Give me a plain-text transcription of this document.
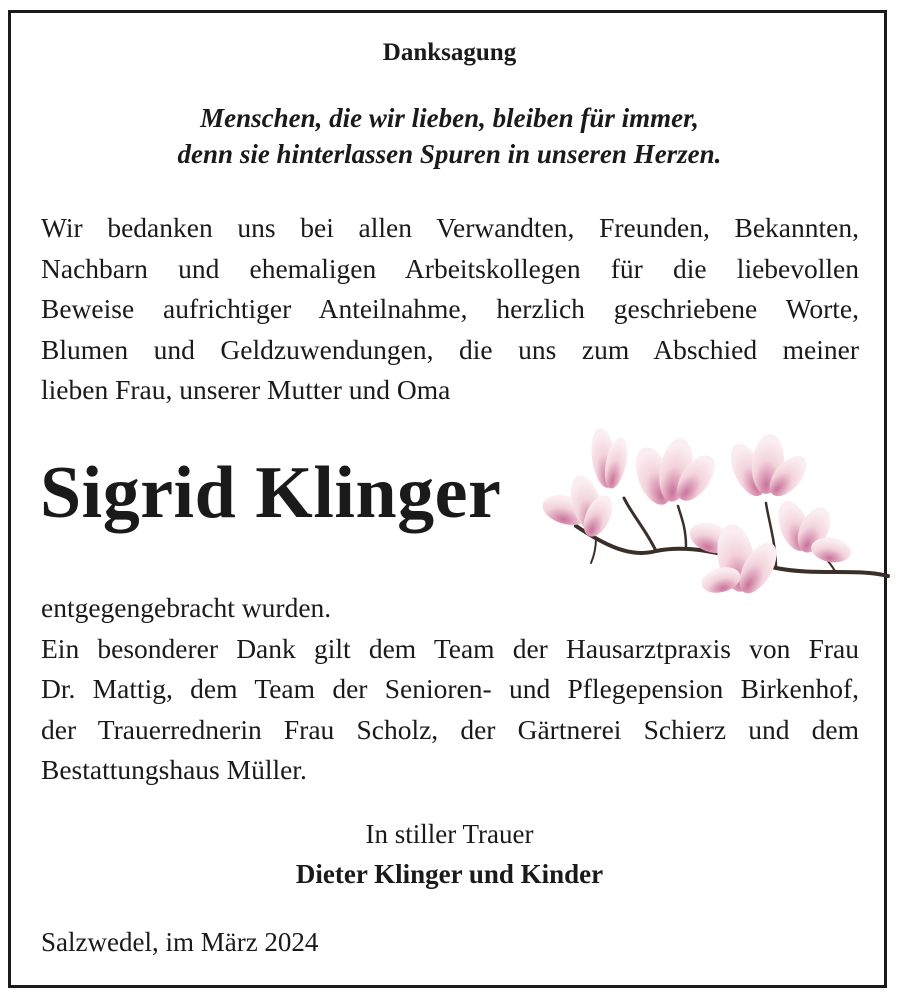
Danksagung
Menschen, die wir lieben, bleiben für immer,
denn sie hinterlassen Spuren in unseren Herzen.
Wir bedanken uns bei allen Verwandten, Freunden, Bekannten,
Nachbarn und ehemaligen Arbeitskollegen für die liebevollen
Beweise aufrichtiger Anteilnahme, herzlich geschriebene Worte,
Blumen und Geldzuwendungen, die uns zum Abschied meiner
lieben Frau, unserer Mutter und Oma
Sigrid Klinger
entgegengebracht wurden.
Ein besonderer Dank gilt dem Team der Hausarztpraxis von Frau
Dr. Mattig, dem Team der Senioren- und Pflegepension Birkenhof,
der Trauerrednerin Frau Scholz, der Gärtnerei Schierz und dem
Bestattungshaus Müller.
In stiller Trauer
Dieter Klinger und Kinder
Salzwedel, im März 2024
